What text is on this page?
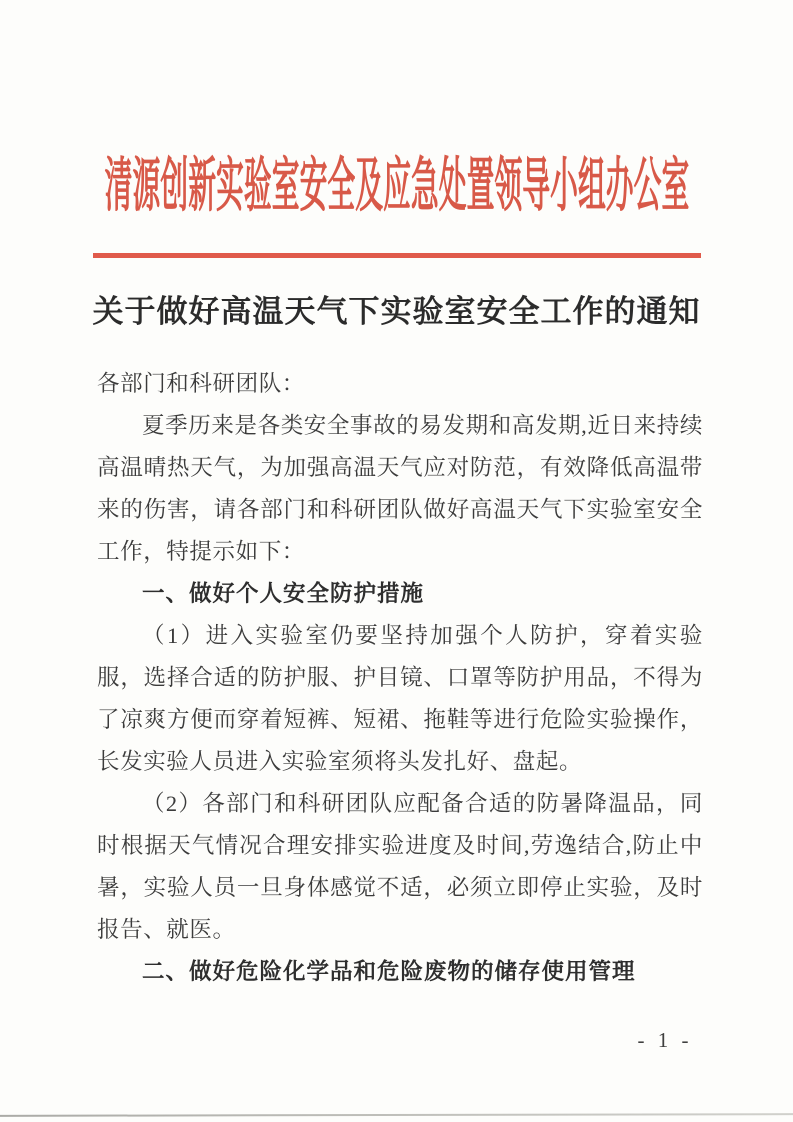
清源创新实验室安全及应急处置领导小组办公室
关于做好高温天气下实验室安全工作的通知

各部门和科研团队：

夏季历来是各类安全事故的易发期和高发期,近日来持续高温晴热天气，为加强高温天气应对防范，有效降低高温带来的伤害，请各部门和科研团队做好高温天气下实验室安全工作，特提示如下：

一、做好个人安全防护措施

（1）进入实验室仍要坚持加强个人防护，穿着实验服，选择合适的防护服、护目镜、口罩等防护用品，不得为了凉爽方便而穿着短裤、短裙、拖鞋等进行危险实验操作，长发实验人员进入实验室须将头发扎好、盘起。

（2）各部门和科研团队应配备合适的防暑降温品，同时根据天气情况合理安排实验进度及时间,劳逸结合,防止中暑，实验人员一旦身体感觉不适，必须立即停止实验，及时报告、就医。

二、做好危险化学品和危险废物的储存使用管理

- 1 -
